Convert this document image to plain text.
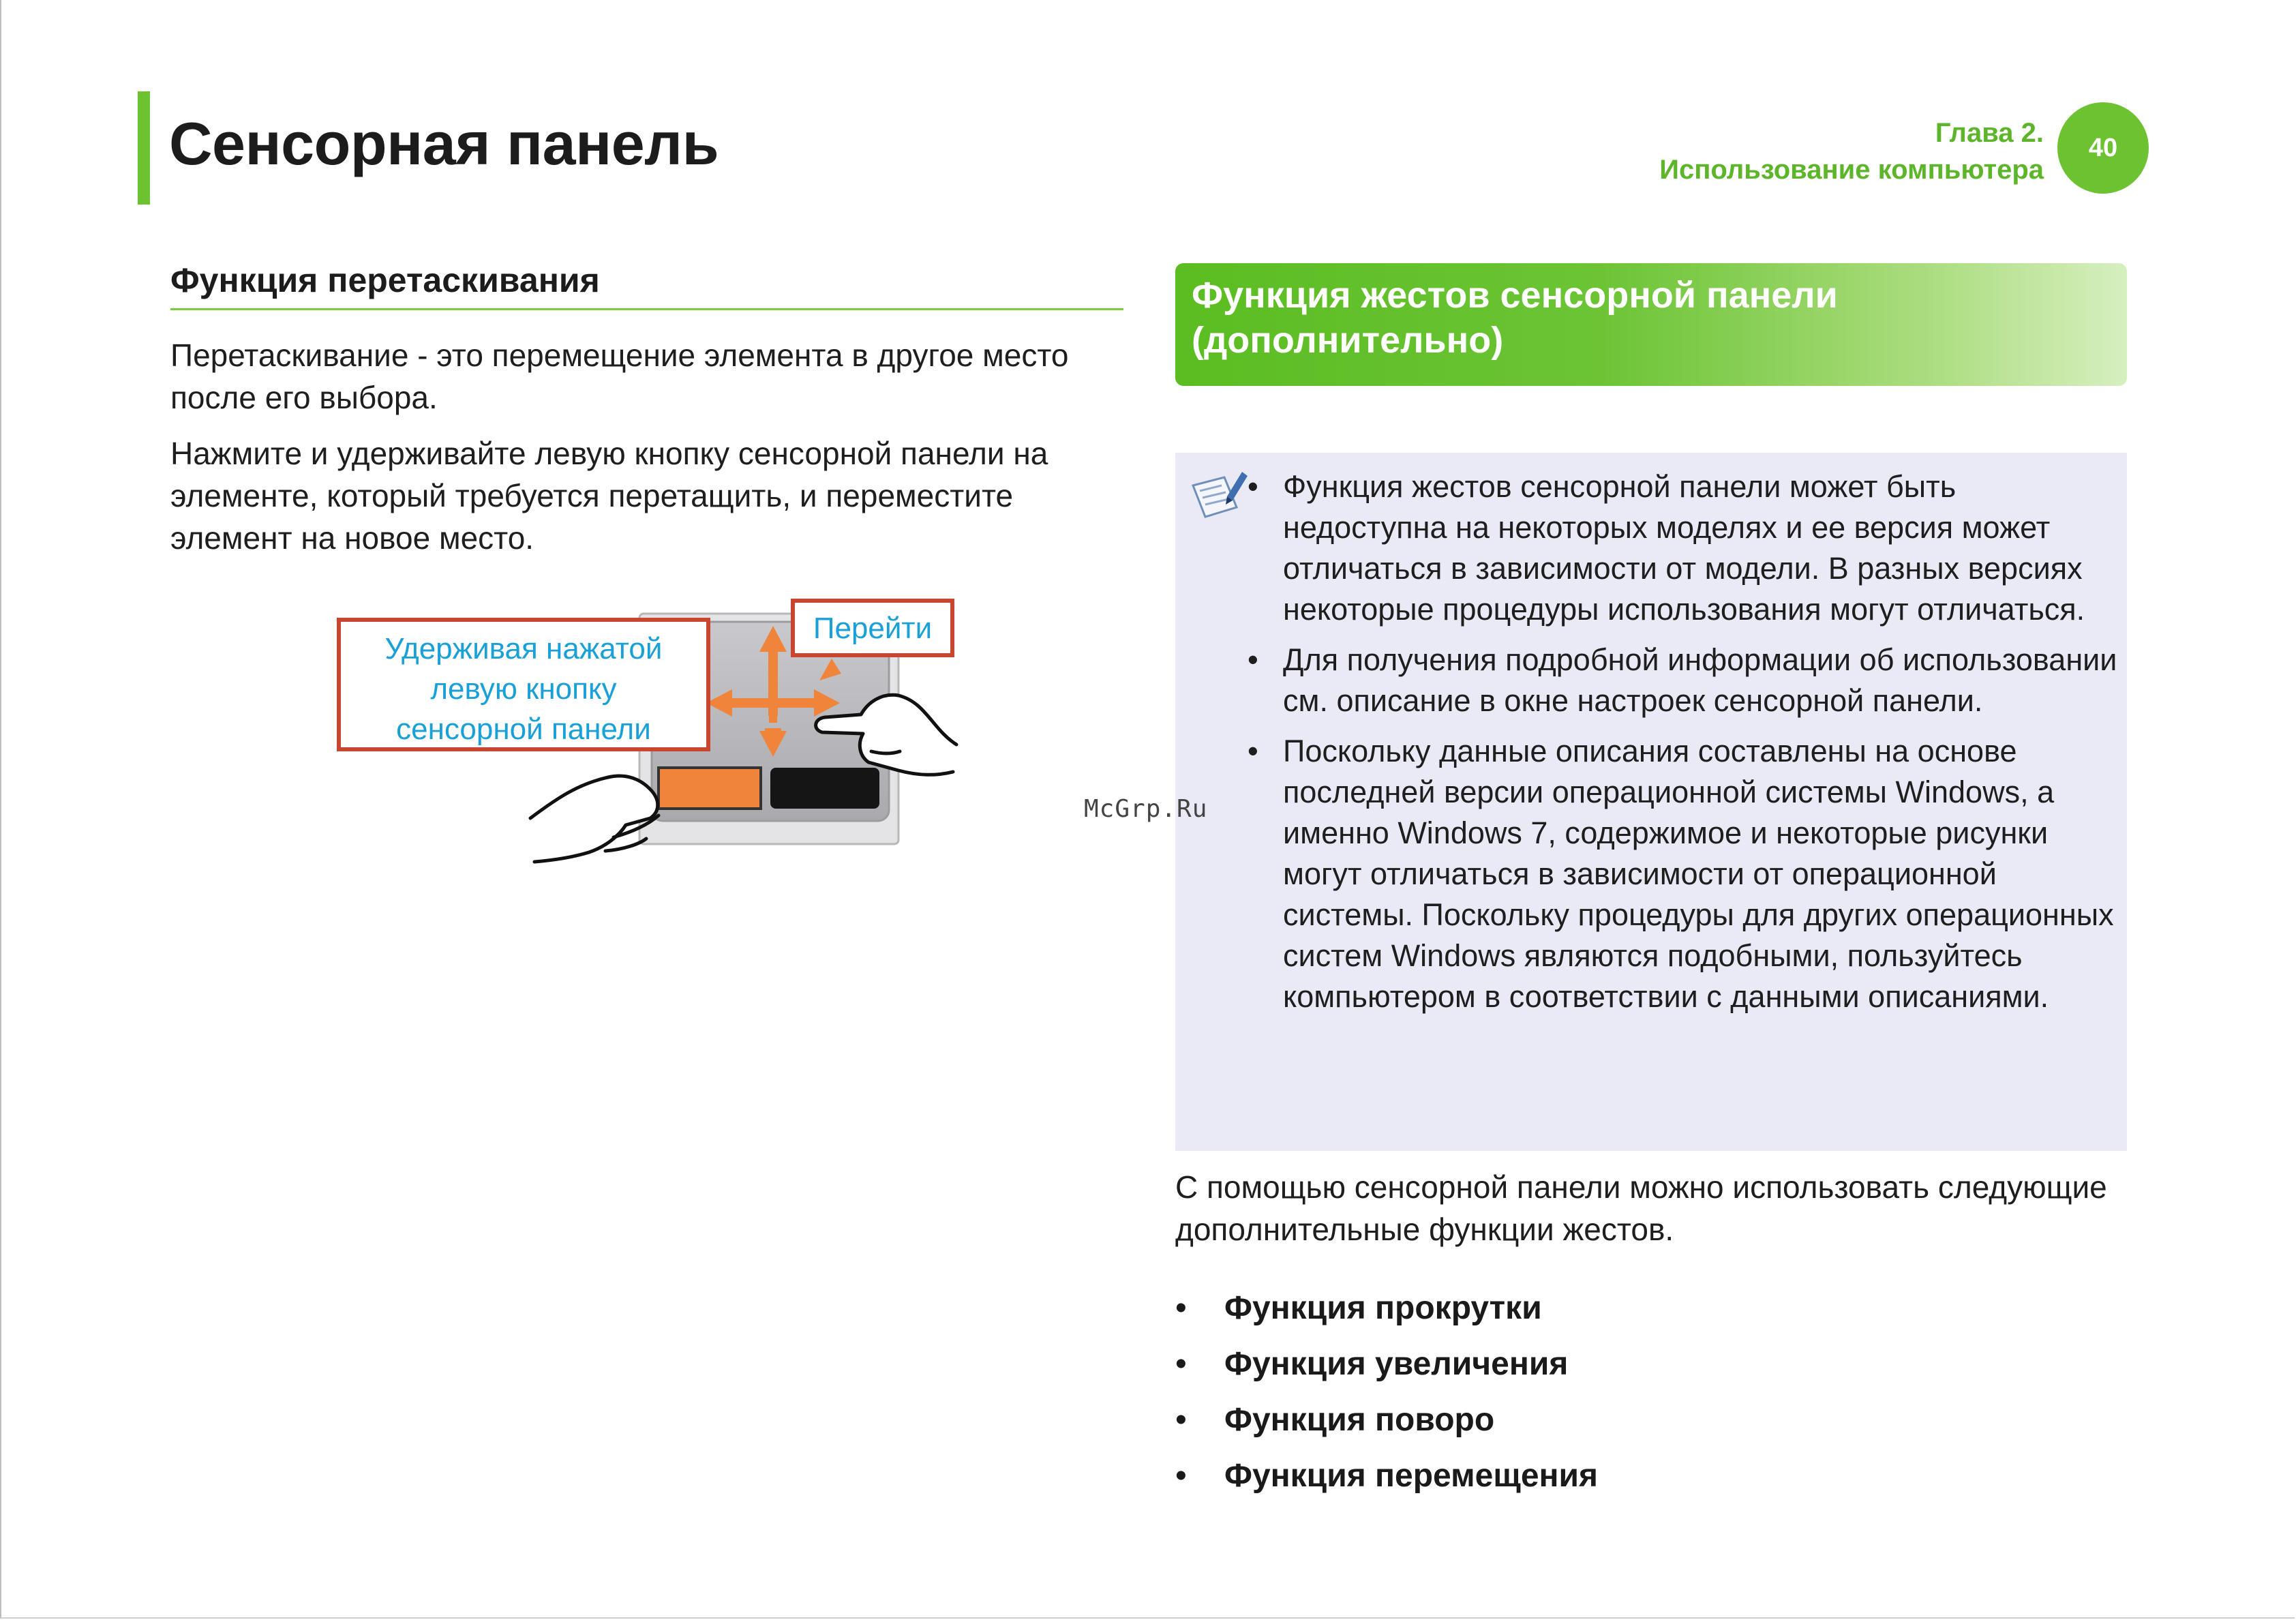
Сенсорная панель	Глава 2.
Использование компьютера
40
Функция перетаскивания

Перетаскивание - это перемещение элемента в другое место после его выбора.

Нажмите и удерживайте левую кнопку сенсорной панели на элементе, который требуется перетащить, и переместите элемент на новое место.

Удерживая нажатой
левую кнопку
сенсорной панели
Перейти
Функция жестов сенсорной панели
(дополнительно)
• Функция жестов сенсорной панели может быть недоступна на некоторых моделях и ее версия может отличаться в зависимости от модели. В разных версиях некоторые процедуры использования могут отличаться.
• Для получения подробной информации об использовании см. описание в окне настроек сенсорной панели.
• Поскольку данные описания составлены на основе последней версии операционной системы Windows, а именно Windows 7, содержимое и некоторые рисунки могут отличаться в зависимости от операционной системы. Поскольку процедуры для других операционных систем Windows являются подобными, пользуйтесь компьютером в соответствии с данными описаниями.
McGrp.Ru

С помощью сенсорной панели можно использовать следующие дополнительные функции жестов.

• Функция прокрутки
• Функция увеличения
• Функция поворо
• Функция перемещения
